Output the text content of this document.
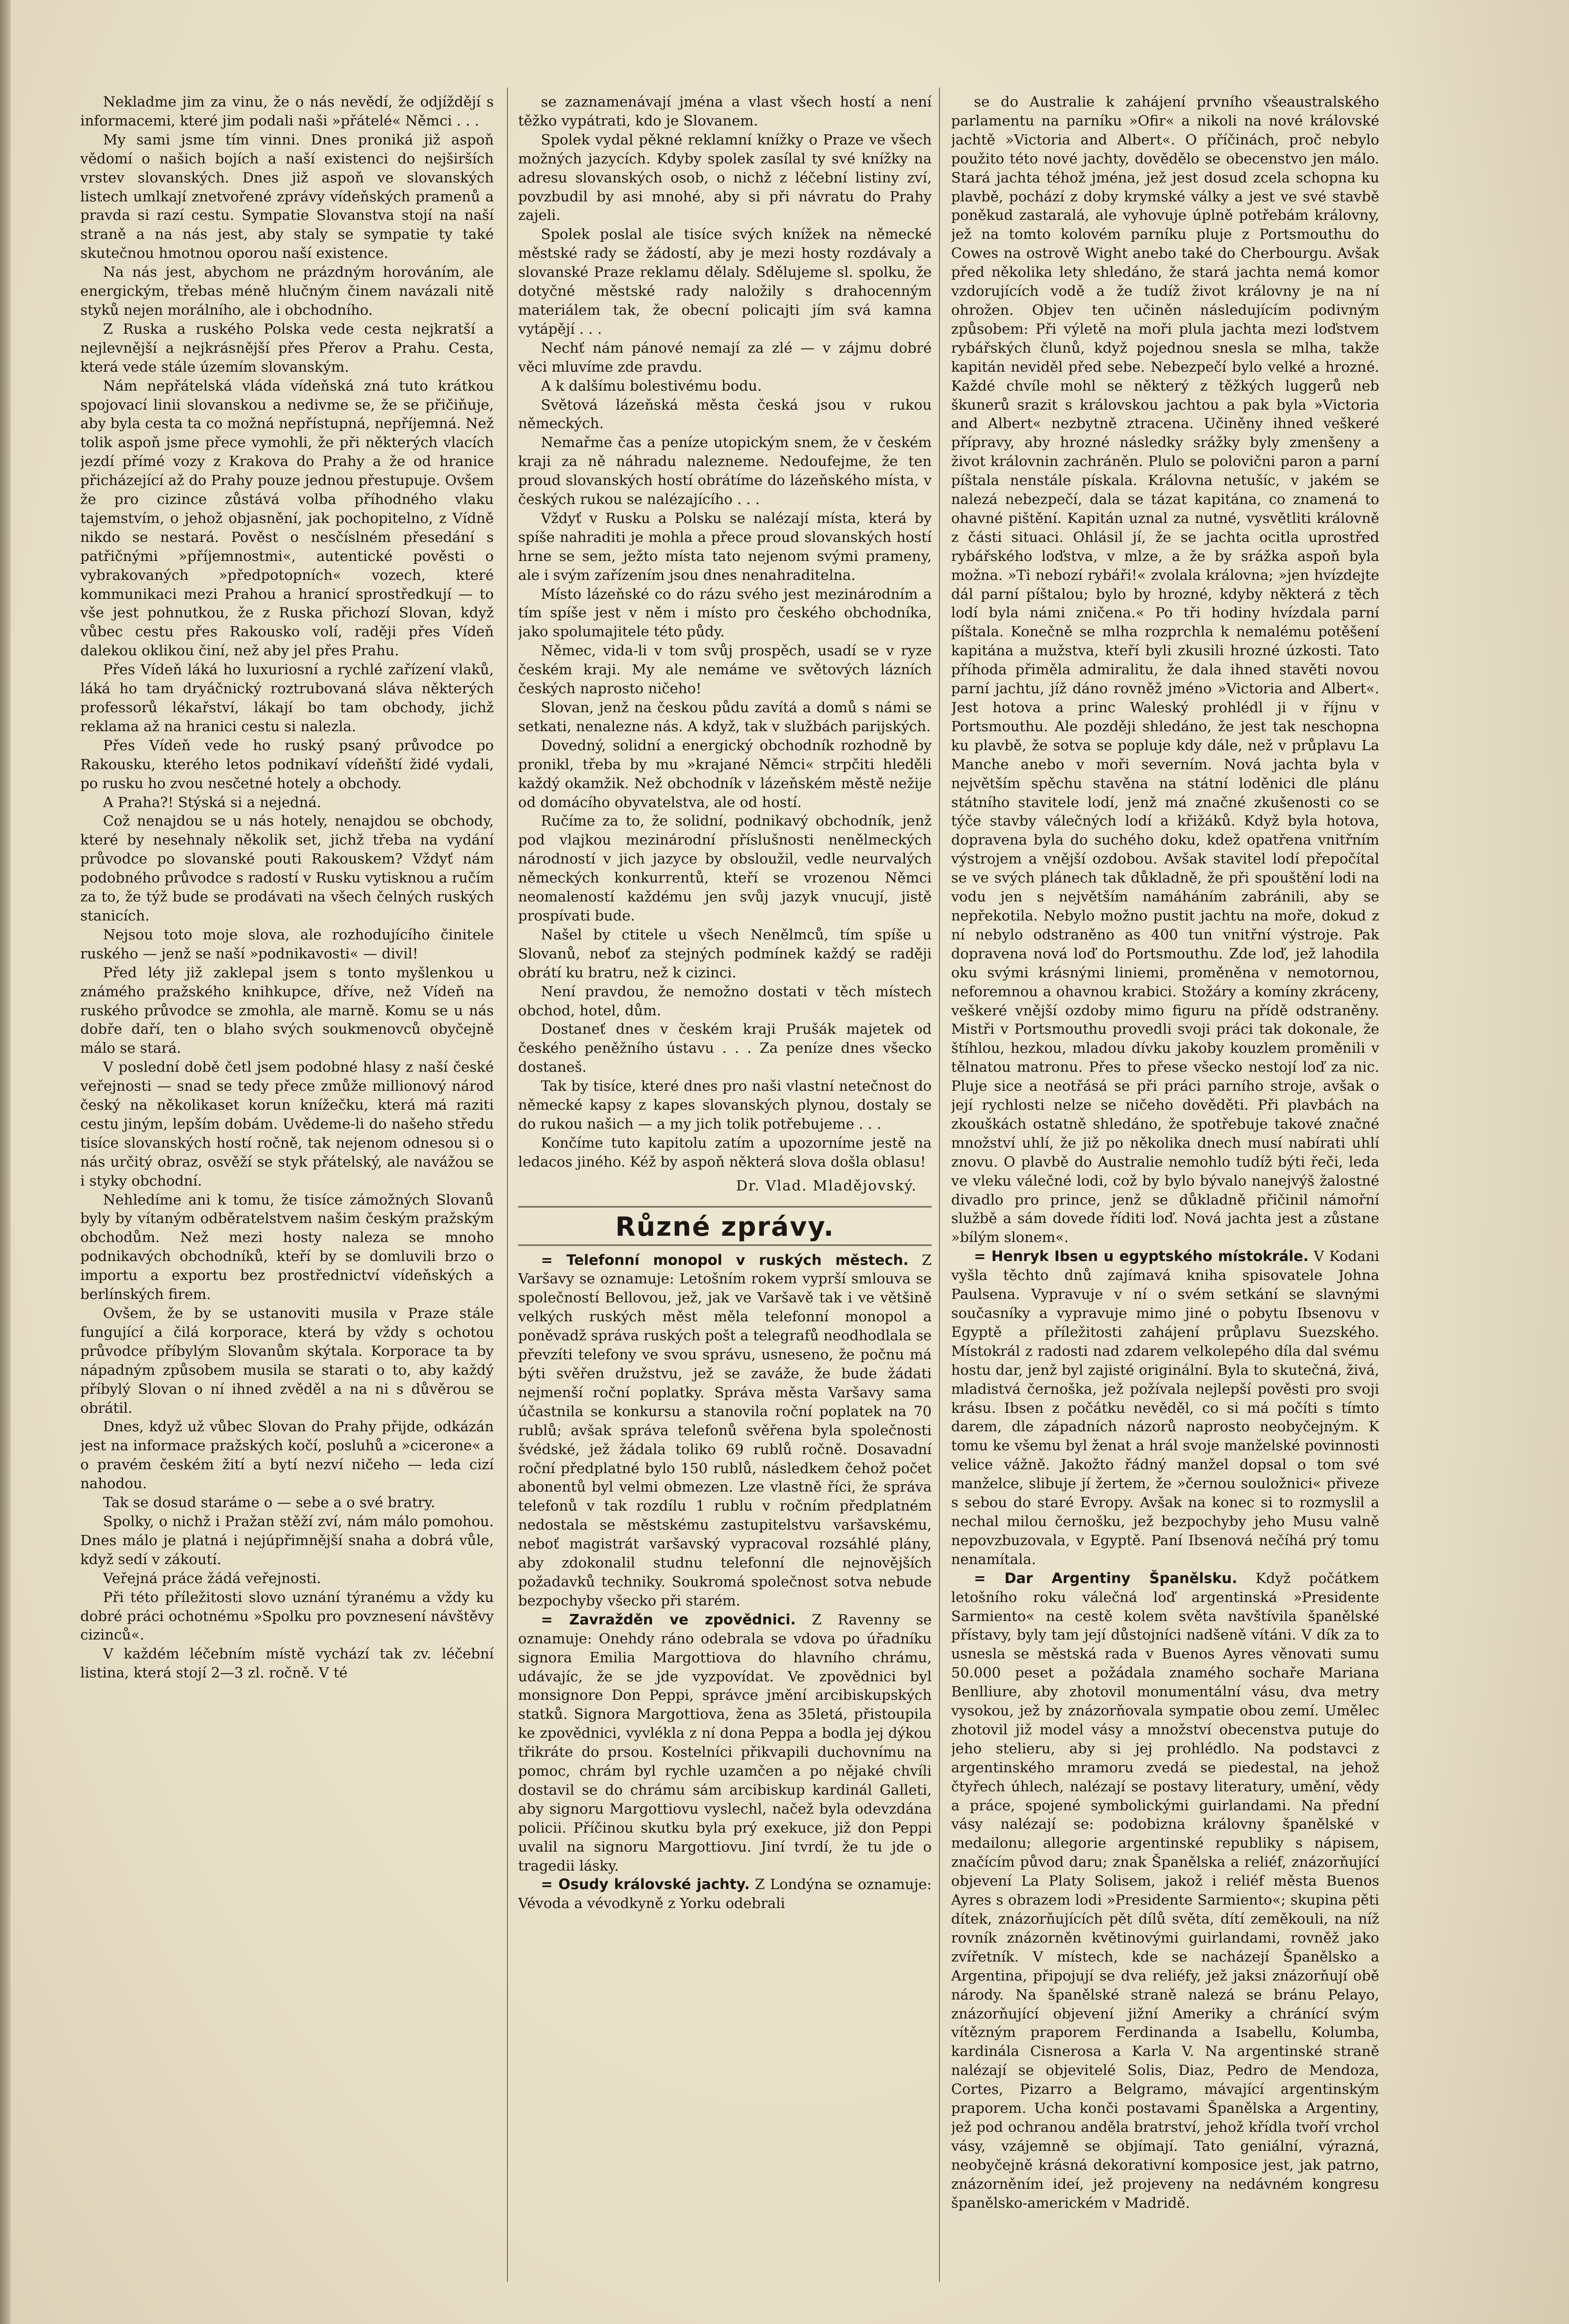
Nekladme jim za vinu, že o nás nevědí, že odjíždějí s informacemi, které jim podali naši »přátelé« Němci . . .

My sami jsme tím vinni. Dnes proniká již aspoň vědomí o našich bojích a naší existenci do nejširších vrstev slovanských. Dnes již aspoň ve slovanských listech umlkají znetvořené zprávy vídeňských pramenů a pravda si razí cestu. Sympatie Slovanstva stojí na naší straně a na nás jest, aby staly se sympatie ty také skutečnou hmotnou oporou naší existence.

Na nás jest, abychom ne prázdným horováním, ale energickým, třebas méně hlučným činem navázali nitě styků nejen morálního, ale i obchodního.

Z Ruska a ruského Polska vede cesta nejkratší a nejlevnější a nejkrásnější přes Přerov a Prahu. Cesta, která vede stále územím slovanským.

Nám nepřátelská vláda vídeňská zná tuto krátkou spojovací linii slovanskou a nedivme se, že se přičiňuje, aby byla cesta ta co možná nepřístupná, nepříjemná. Než tolik aspoň jsme přece vymohli, že při některých vlacích jezdí přímé vozy z Krakova do Prahy a že od hranice přicházející až do Prahy pouze jednou přestupuje. Ovšem že pro cizince zůstává volba příhodného vlaku tajemstvím, o jehož objasnění, jak pochopitelno, z Vídně nikdo se nestará. Pověst o nesčíslném přesedání s patřičnými »příjemnostmi«, autentické pověsti o vybrakovaných »předpotopních« vozech, které kommunikaci mezi Prahou a hranicí sprostředkují — to vše jest pohnutkou, že z Ruska přichozí Slovan, když vůbec cestu přes Rakousko volí, raději přes Vídeň dalekou oklikou činí, než aby jel přes Prahu.

Přes Vídeň láká ho luxuriosní a rychlé zařízení vlaků, láká ho tam dryáčnický roztrubovaná sláva některých professorů lékařství, lákají bo tam obchody, jichž reklama až na hranici cestu si nalezla.

Přes Vídeň vede ho ruský psaný průvodce po Rakousku, kterého letos podnikaví vídeňští židé vydali, po rusku ho zvou nesčetné hotely a obchody.

A Praha?! Stýská si a nejedná.

Což nenajdou se u nás hotely, nenajdou se obchody, které by nesehnaly několik set, jichž třeba na vydání průvodce po slovanské pouti Rakouskem? Vždyť nám podobného průvodce s radostí v Rusku vytisknou a ručím za to, že týž bude se prodávati na všech čelných ruských stanicích.

Nejsou toto moje slova, ale rozhodujícího činitele ruského — jenž se naší »podnikavosti« — divil!

Před léty již zaklepal jsem s tonto myšlenkou u známého pražského knihkupce, dříve, než Vídeň na ruského průvodce se zmohla, ale marně. Komu se u nás dobře daří, ten o blaho svých soukmenovců obyčejně málo se stará.

V poslední době četl jsem podobné hlasy z naší české veřejnosti — snad se tedy přece zmůže millionový národ český na několikaset korun knížečku, která má raziti cestu jiným, lepším dobám. Uvědeme-li do našeho středu tisíce slovanských hostí ročně, tak nejenom odnesou si o nás určitý obraz, osvěží se styk přátelský, ale navážou se i styky obchodní.

Nehledíme ani k tomu, že tisíce zámožných Slovanů byly by vítaným odběratelstvem našim českým pražským obchodům. Než mezi hosty naleza se mnoho podnikavých obchodníků, kteří by se domluvili brzo o importu a exportu bez prostřednictví vídeňských a berlínských firem.

Ovšem, že by se ustanoviti musila v Praze stále fungující a čilá korporace, která by vždy s ochotou průvodce příbylým Slovanům skýtala. Korporace ta by nápadným způsobem musila se starati o to, aby každý příbylý Slovan o ní ihned zvěděl a na ni s důvěrou se obrátil.

Dnes, když už vůbec Slovan do Prahy přijde, odkázán jest na informace pražských kočí, posluhů a »cicerone« a o pravém českém žití a bytí nezví ničeho — leda cizí nahodou.

Tak se dosud staráme o — sebe a o své bratry.

Spolky, o nichž i Pražan stěží zví, nám málo pomohou. Dnes málo je platná i nejúpřimnější snaha a dobrá vůle, když sedí v zákoutí.

Veřejná práce žádá veřejnosti.

Při této příležitosti slovo uznání týranému a vždy ku dobré práci ochotnému »Spolku pro povznesení návštěvy cizinců«.

V každém léčebním místě vychází tak zv. léčební listina, která stojí 2—3 zl. ročně. V té

se zaznamenávají jména a vlast všech hostí a není těžko vypátrati, kdo je Slovanem.

Spolek vydal pěkné reklamní knížky o Praze ve všech možných jazycích. Kdyby spolek zasílal ty své knížky na adresu slovanských osob, o nichž z léčební listiny zví, povzbudil by asi mnohé, aby si při návratu do Prahy zajeli.

Spolek poslal ale tisíce svých knížek na německé městské rady se žádostí, aby je mezi hosty rozdávaly a slovanské Praze reklamu dělaly. Sdělujeme sl. spolku, že dotyčné městské rady naložily s drahocenným materiálem tak, že obecní policajti jím svá kamna vytápějí . . .

Nechť nám pánové nemají za zlé — v zájmu dobré věci mluvíme zde pravdu.

A k dalšímu bolestivému bodu.

Světová lázeňská města česká jsou v rukou německých.

Nemařme čas a peníze utopickým snem, že v českém kraji za ně náhradu nalezneme. Nedoufejme, že ten proud slovanských hostí obrátíme do lázeňského místa, v českých rukou se nalézajícího . . .

Vždyť v Rusku a Polsku se nalézají místa, která by spíše nahraditi je mohla a přece proud slovanských hostí hrne se sem, ježto místa tato nejenom svými prameny, ale i svým zařízením jsou dnes nenahraditelna.

Místo lázeňské co do rázu svého jest mezinárodním a tím spíše jest v něm i místo pro českého obchodníka, jako spolumajitele této půdy.

Němec, vida-li v tom svůj prospěch, usadí se v ryze českém kraji. My ale nemáme ve světových lázních českých naprosto ničeho!

Slovan, jenž na českou půdu zavítá a domů s námi se setkati, nenalezne nás. A když, tak v službách parijských.

Dovedný, solidní a energický obchodník rozhodně by pronikl, třeba by mu »krajané Němci« strpčiti hleděli každý okamžik. Než obchodník v lázeňském městě nežije od domácího obyvatelstva, ale od hostí.

Ručíme za to, že solidní, podnikavý obchodník, jenž pod vlajkou mezinárodní příslušnosti nenělmeckých národností v jich jazyce by obsloužil, vedle neurvalých německých konkurrentů, kteří se vrozenou Němci neomaleností každému jen svůj jazyk vnucují, jistě prospívati bude.

Našel by ctitele u všech Nenělmců, tím spíše u Slovanů, neboť za stejných podmínek každý se raději obrátí ku bratru, než k cizinci.

Není pravdou, že nemožno dostati v těch místech obchod, hotel, dům.

Dostaneť dnes v českém kraji Prušák majetek od českého peněžního ústavu . . . Za peníze dnes všecko dostaneš.

Tak by tisíce, které dnes pro naši vlastní netečnost do německé kapsy z kapes slovanských plynou, dostaly se do rukou našich — a my jich tolik potřebujeme . . .

Končíme tuto kapitolu zatím a upozorníme jestě na ledacos jiného. Kéž by aspoň některá slova došla oblasu!

Dr. Vlad. Mladějovský.

Různé zprávy.

= Telefonní monopol v ruských městech. Z Varšavy se oznamuje: Letošním rokem vyprší smlouva se společností Bellovou, jež, jak ve Varšavě tak i ve většině velkých ruských měst měla telefonní monopol a poněvadž správa ruských pošt a telegrafů neodhodlala se převzíti telefony ve svou správu, usneseno, že počnu má býti svěřen družstvu, jež se zaváže, že bude žádati nejmenší roční poplatky. Správa města Varšavy sama účastnila se konkursu a stanovila roční poplatek na 70 rublů; avšak správa telefonů svěřena byla společnosti švédské, jež žádala toliko 69 rublů ročně. Dosavadní roční předplatné bylo 150 rublů, následkem čehož počet abonentů byl velmi obmezen. Lze vlastně říci, že správa telefonů v tak rozdílu 1 rublu v ročním předplatném nedostala se městskému zastupitelstvu varšavskému, neboť magistrát varšavský vypracoval rozsáhlé plány, aby zdokonalil studnu telefonní dle nejnovějších požadavků techniky. Soukromá společnost sotva nebude bezpochyby všecko při starém.

= Zavražděn ve zpovědnici. Z Ravenny se oznamuje: Onehdy ráno odebrala se vdova po úřadníku signora Emilia Margottiova do hlavního chrámu, udávajíc, že se jde vyzpovídat. Ve zpovědnici byl monsignore Don Peppi, správce jmění arcibiskupských statků. Signora Margottiova, žena as 35letá, přistoupila ke zpovědnici, vyvlékla z ní dona Peppa a bodla jej dýkou třikráte do prsou. Kostelníci přikvapili duchovnímu na pomoc, chrám byl rychle uzamčen a po nějaké chvíli dostavil se do chrámu sám arcibiskup kardinál Galleti, aby signoru Margottiovu vyslechl, načež byla odevzdána policii. Příčinou skutku byla prý exekuce, již don Peppi uvalil na signoru Margottiovu. Jiní tvrdí, že tu jde o tragedii lásky.

= Osudy královské jachty. Z Londýna se oznamuje: Vévoda a vévodkyně z Yorku odebrali

se do Australie k zahájení prvního všeaustralského parlamentu na parníku »Ofir« a nikoli na nové královské jachtě »Victoria and Albert«. O příčinách, proč nebylo použito této nové jachty, dovědělo se obecenstvo jen málo. Stará jachta téhož jména, jež jest dosud zcela schopna ku plavbě, pochází z doby krymské války a jest ve své stavbě poněkud zastaralá, ale vyhovuje úplně potřebám královny, jež na tomto kolovém parníku pluje z Portsmouthu do Cowes na ostrově Wight anebo také do Cherbourgu. Avšak před několika lety shledáno, že stará jachta nemá komor vzdorujících vodě a že tudíž život královny je na ní ohrožen. Objev ten učiněn následujícím podivným způsobem: Při výletě na moři plula jachta mezi loďstvem rybářských člunů, když pojednou snesla se mlha, takže kapitán neviděl před sebe. Nebezpečí bylo velké a hrozné. Každé chvíle mohl se některý z těžkých luggerů neb škunerů srazit s královskou jachtou a pak byla »Victoria and Albert« nezbytně ztracena. Učiněny ihned veškeré přípravy, aby hrozné následky srážky byly zmenšeny a život královnin zachráněn. Plulo se polovični paron a parní píštala nenstále pískala. Královna netušíc, v jakém se nalezá nebezpečí, dala se tázat kapitána, co znamená to ohavné pištění. Kapitán uznal za nutné, vysvětliti královně z části situaci. Ohlásil jí, že se jachta ocitla uprostřed rybářského loďstva, v mlze, a že by srážka aspoň byla možna. »Ti nebozí rybáři!« zvolala královna; »jen hvízdejte dál parní píštalou; bylo by hrozné, kdyby některá z těch lodí byla námi zničena.« Po tři hodiny hvízdala parní píštala. Konečně se mlha rozprchla k nemalému potěšení kapitána a mužstva, kteří byli zkusili hrozné úzkosti. Tato příhoda přiměla admiralitu, že dala ihned stavěti novou parní jachtu, jíž dáno rovněž jméno »Victoria and Albert«. Jest hotova a princ Waleský prohlédl ji v říjnu v Portsmouthu. Ale později shledáno, že jest tak neschopna ku plavbě, že sotva se popluje kdy dále, než v průplavu La Manche anebo v moři severním. Nová jachta byla v největším spěchu stavěna na státní loděnici dle plánu státního stavitele lodí, jenž má značné zkušenosti co se týče stavby válečných lodí a křižáků. Když byla hotova, dopravena byla do suchého doku, kdež opatřena vnitřním výstrojem a vnější ozdobou. Avšak stavitel lodí přepočítal se ve svých plánech tak důkladně, že při spouštění lodi na vodu jen s největším namáháním zabránili, aby se nepřekotila. Nebylo možno pustit jachtu na moře, dokud z ní nebylo odstraněno as 400 tun vnitřní výstroje. Pak dopravena nová loď do Portsmouthu. Zde loď, jež lahodila oku svými krásnými liniemi, proměněna v nemotornou, neforemnou a ohavnou krabici. Stožáry a komíny zkráceny, veškeré vnější ozdoby mimo figuru na přídě odstraněny. Mistři v Portsmouthu provedli svoji práci tak dokonale, že štíhlou, hezkou, mladou dívku jakoby kouzlem proměnili v tělnatou matronu. Přes to přese všecko nestojí loď za nic. Pluje sice a neotřásá se při práci parního stroje, avšak o její rychlosti nelze se ničeho dověděti. Při plavbách na zkouškách ostatně shledáno, že spotřebuje takové značné množství uhlí, že již po několika dnech musí nabírati uhlí znovu. O plavbě do Australie nemohlo tudíž býti řeči, leda ve vleku válečné lodi, což by bylo bývalo nanejvýš žalostné divadlo pro prince, jenž se důkladně přičinil námořní službě a sám dovede říditi loď. Nová jachta jest a zůstane »bílým slonem«.

= Henryk Ibsen u egyptského místokrále. V Kodani vyšla těchto dnů zajímavá kniha spisovatele Johna Paulsena. Vypravuje v ní o svém setkání se slavnými současníky a vypravuje mimo jiné o pobytu Ibsenovu v Egyptě a příležitosti zahájení průplavu Suezského. Místokrál z radosti nad zdarem velkolepého díla dal svému hostu dar, jenž byl zajisté originální. Byla to skutečná, živá, mladistvá černoška, jež požívala nejlepší pověsti pro svoji krásu. Ibsen z počátku nevěděl, co si má počíti s tímto darem, dle západních názorů naprosto neobyčejným. K tomu ke všemu byl ženat a hrál svoje manželské povinnosti velice vážně. Jakožto řádný manžel dopsal o tom své manželce, slibuje jí žertem, že »černou souložnici« přiveze s sebou do staré Evropy. Avšak na konec si to rozmyslil a nechal milou černošku, jež bezpochyby jeho Musu valně nepovzbuzovala, v Egyptě. Paní Ibsenová nečíhá prý tomu nenamítala.

= Dar Argentiny Španělsku. Když počátkem letošního roku válečná loď argentinská »Presidente Sarmiento« na cestě kolem světa navštívila španělské přístavy, byly tam její důstojníci nadšeně vítáni. V dík za to usnesla se městská rada v Buenos Ayres věnovati sumu 50.000 peset a požádala znamého sochaře Mariana Benlliure, aby zhotovil monumentální vásu, dva metry vysokou, jež by znázorňovala sympatie obou zemí. Umělec zhotovil již model vásy a množství obecenstva putuje do jeho stelieru, aby si jej prohlédlo. Na podstavci z argentinského mramoru zvedá se piedestal, na jehož čtyřech úhlech, nalézají se postavy literatury, umění, vědy a práce, spojené symbolickými guirlandami. Na přední vásy nalézají se: podobizna královny španělské v medailonu; allegorie argentinské republiky s nápisem, značícím původ daru; znak Španělska a reliéf, znázorňující objevení La Platy Solisem, jakož i reliéf města Buenos Ayres s obrazem lodi »Presidente Sarmiento«; skupina pěti dítek, znázorňujících pět dílů světa, dítí zeměkouli, na níž rovník znázorněn květinovými guirlandami, rovněž jako zvířetník. V místech, kde se nacházejí Španělsko a Argentina, připojují se dva reliéfy, jež jaksi znázorňují obě národy. Na španělské straně nalezá se bránu Pelayo, znázorňující objevení jižní Ameriky a chránící svým vítězným praporem Ferdinanda a Isabellu, Kolumba, kardinála Cisnerosa a Karla V. Na argentinské straně nalézají se objevitelé Solis, Diaz, Pedro de Mendoza, Cortes, Pizarro a Belgramo, mávající argentinským praporem. Ucha konči postavami Španělska a Argentiny, jež pod ochranou anděla bratrství, jehož křídla tvoří vrchol vásy, vzájemně se objímají. Tato geniální, výrazná, neobyčejně krásná dekorativní komposice jest, jak patrno, znázorněním ideí, jež projeveny na nedávném kongresu španělsko-americkém v Madridě.
